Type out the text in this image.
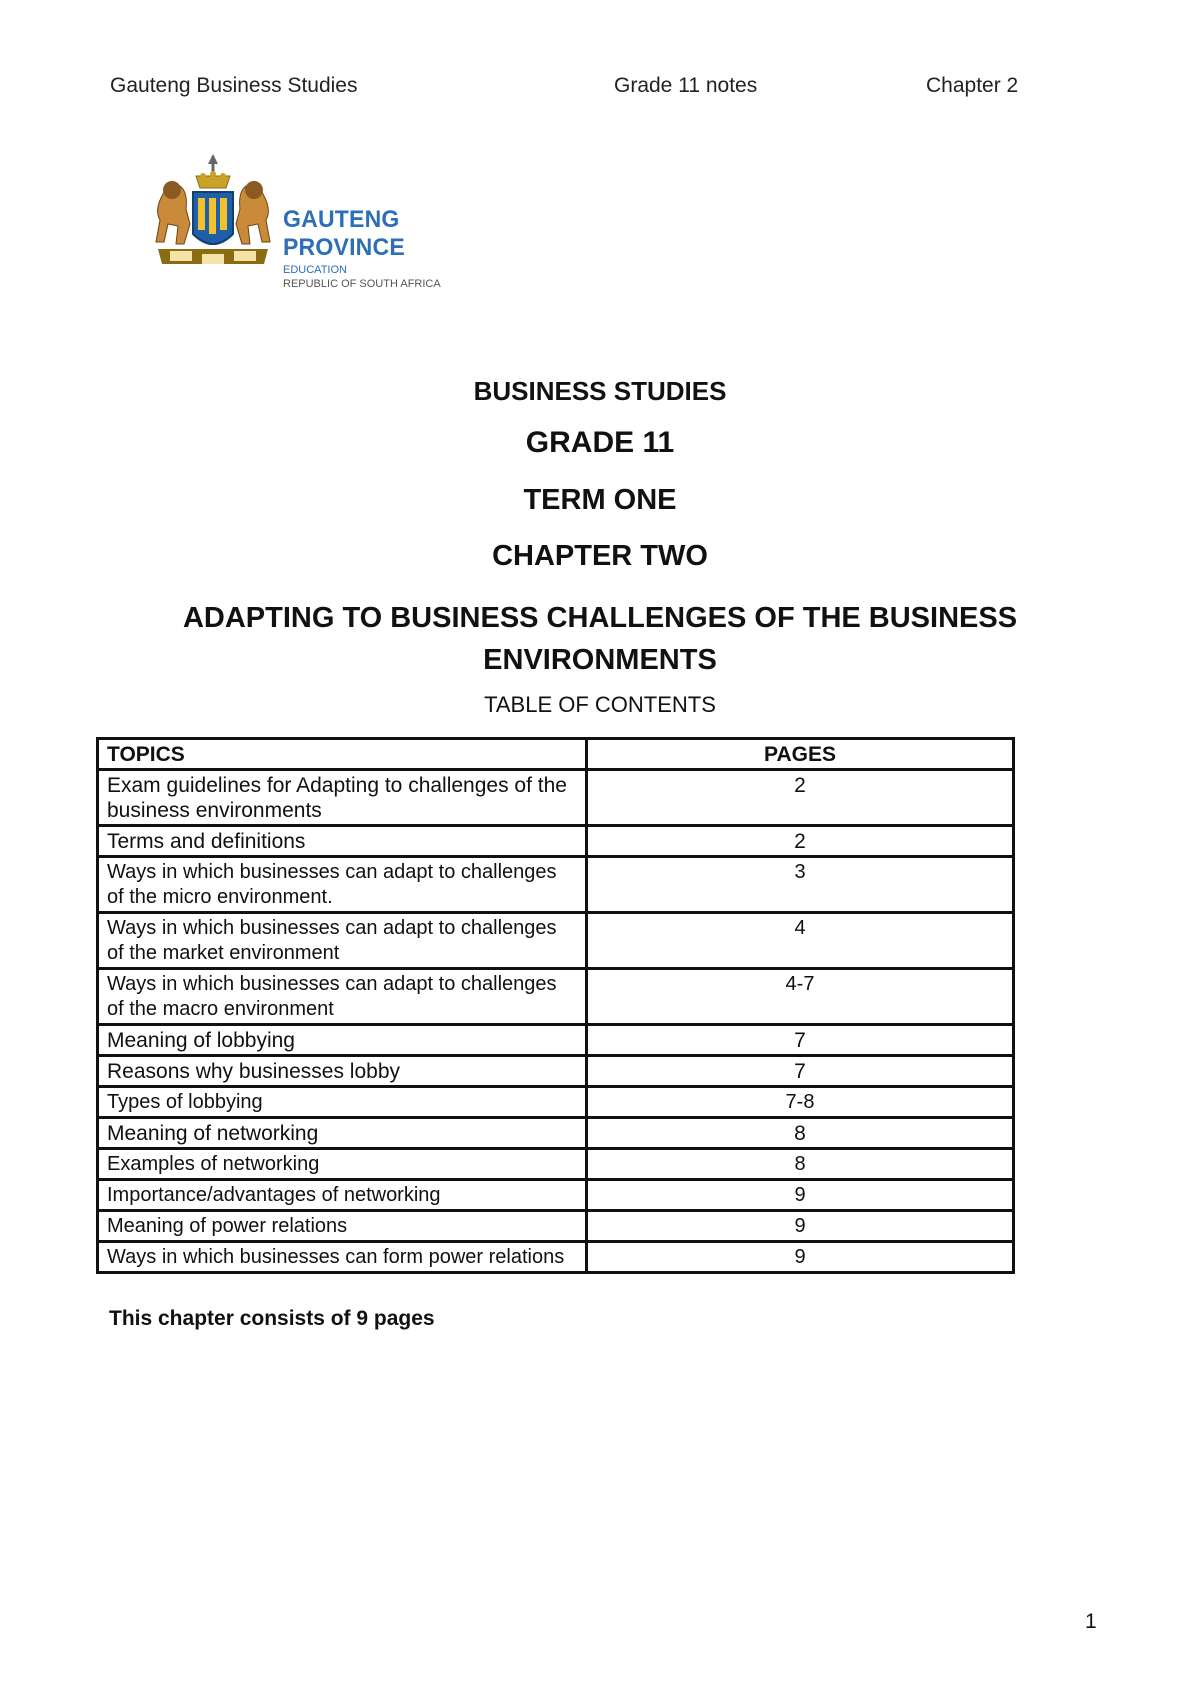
Gauteng Business Studies	Grade 11 notes	Chapter 2
GAUTENG PROVINCE
EDUCATION
REPUBLIC OF SOUTH AFRICA
BUSINESS STUDIES
GRADE 11
TERM ONE
CHAPTER TWO
ADAPTING TO BUSINESS CHALLENGES OF THE BUSINESS ENVIRONMENTS
TABLE OF CONTENTS
TOPICS	PAGES
Exam guidelines for Adapting to challenges of the business environments	2
Terms and definitions	2
Ways in which businesses can adapt to challenges of the micro environment.	3
Ways in which businesses can adapt to challenges of the market environment	4
Ways in which businesses can adapt to challenges of the macro environment	4-7
Meaning of lobbying	7
Reasons why businesses lobby	7
Types of lobbying	7-8
Meaning of networking	8
Examples of networking	8
Importance/advantages of networking	9
Meaning of power relations	9
Ways in which businesses can form power relations	9
This chapter consists of 9 pages
1
